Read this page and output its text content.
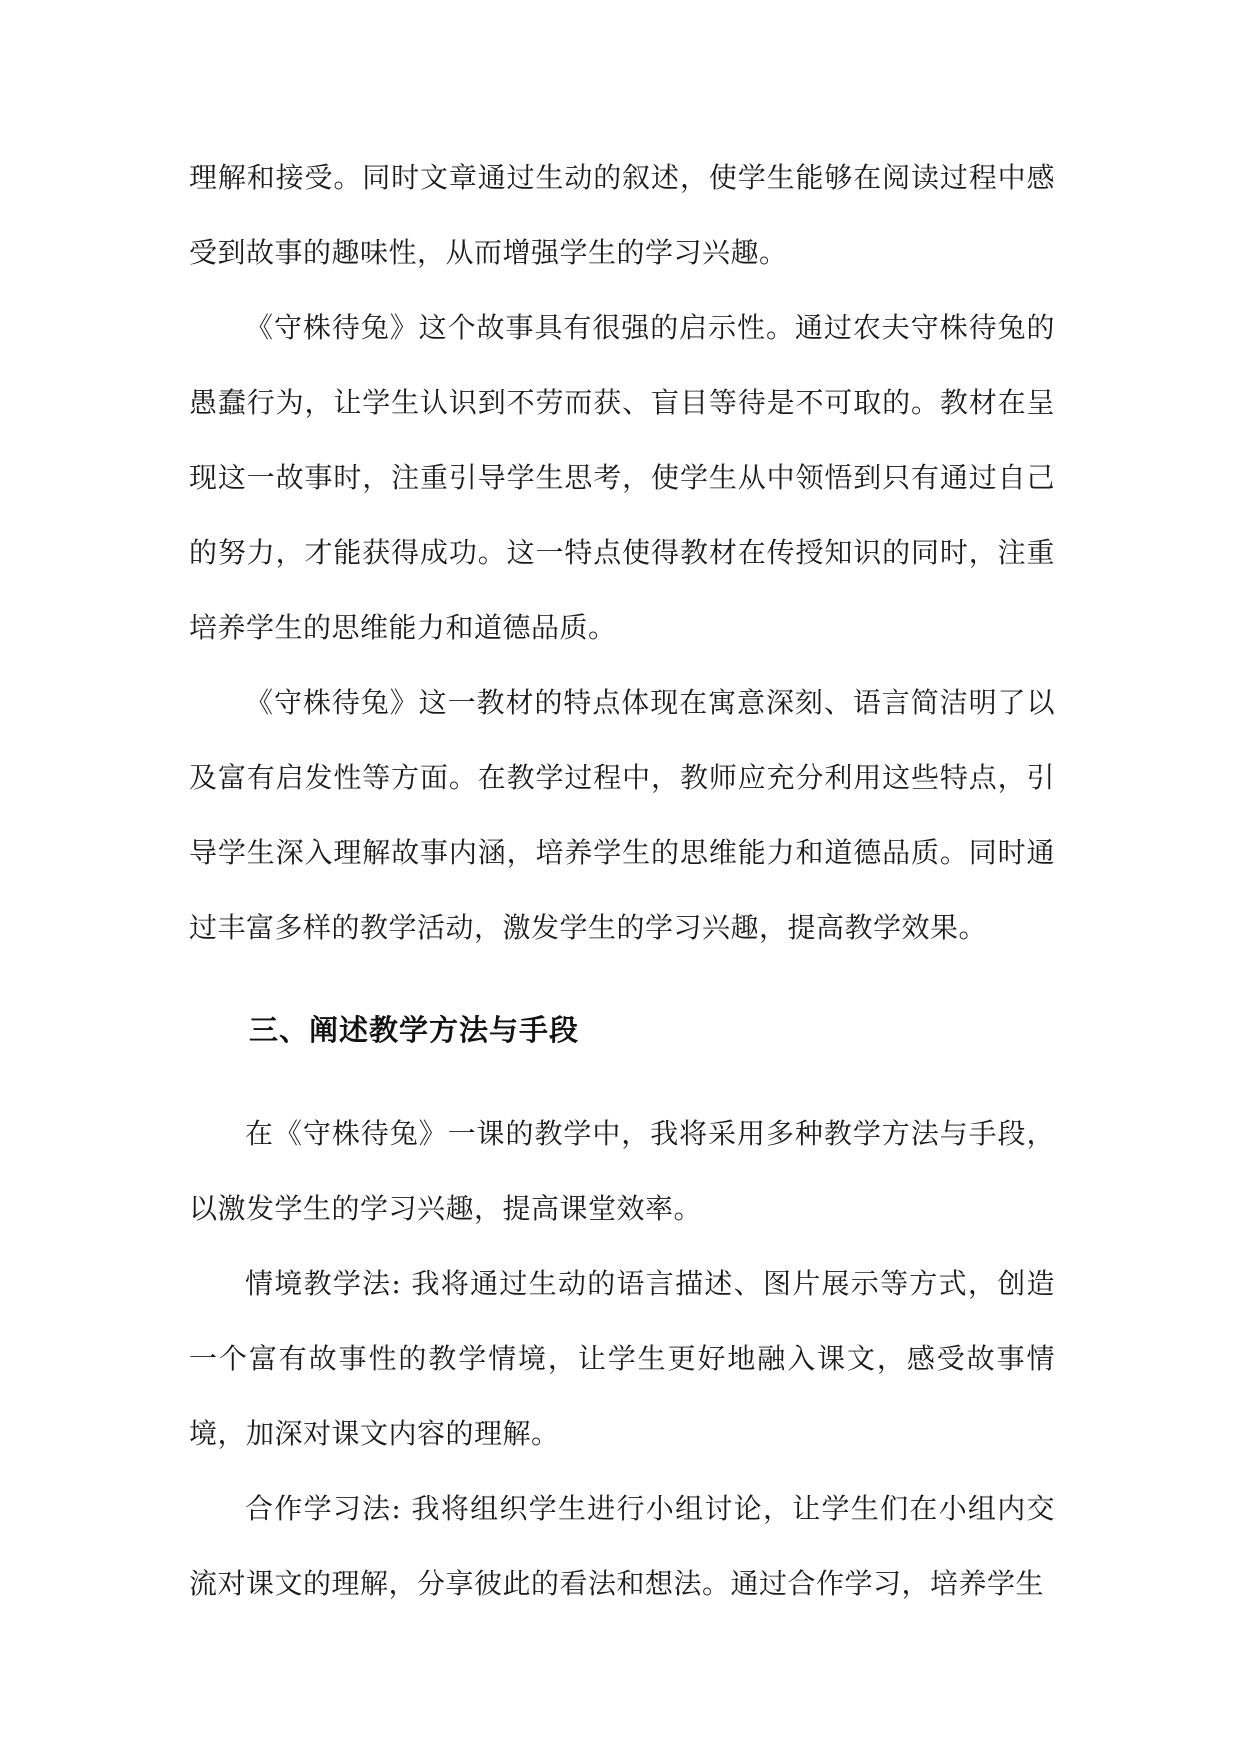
理解和接受。同时文章通过生动的叙述，使学生能够在阅读过程中感受到故事的趣味性，从而增强学生的学习兴趣。

《守株待兔》这个故事具有很强的启示性。通过农夫守株待兔的愚蠢行为，让学生认识到不劳而获、盲目等待是不可取的。教材在呈现这一故事时，注重引导学生思考，使学生从中领悟到只有通过自己的努力，才能获得成功。这一特点使得教材在传授知识的同时，注重培养学生的思维能力和道德品质。

《守株待兔》这一教材的特点体现在寓意深刻、语言简洁明了以及富有启发性等方面。在教学过程中，教师应充分利用这些特点，引导学生深入理解故事内涵，培养学生的思维能力和道德品质。同时通过丰富多样的教学活动，激发学生的学习兴趣，提高教学效果。

三、阐述教学方法与手段

在《守株待兔》一课的教学中，我将采用多种教学方法与手段，以激发学生的学习兴趣，提高课堂效率。

情境教学法: 我将通过生动的语言描述、图片展示等方式，创造一个富有故事性的教学情境，让学生更好地融入课文，感受故事情境，加深对课文内容的理解。

合作学习法: 我将组织学生进行小组讨论，让学生们在小组内交流对课文的理解，分享彼此的看法和想法。通过合作学习，培养学生
